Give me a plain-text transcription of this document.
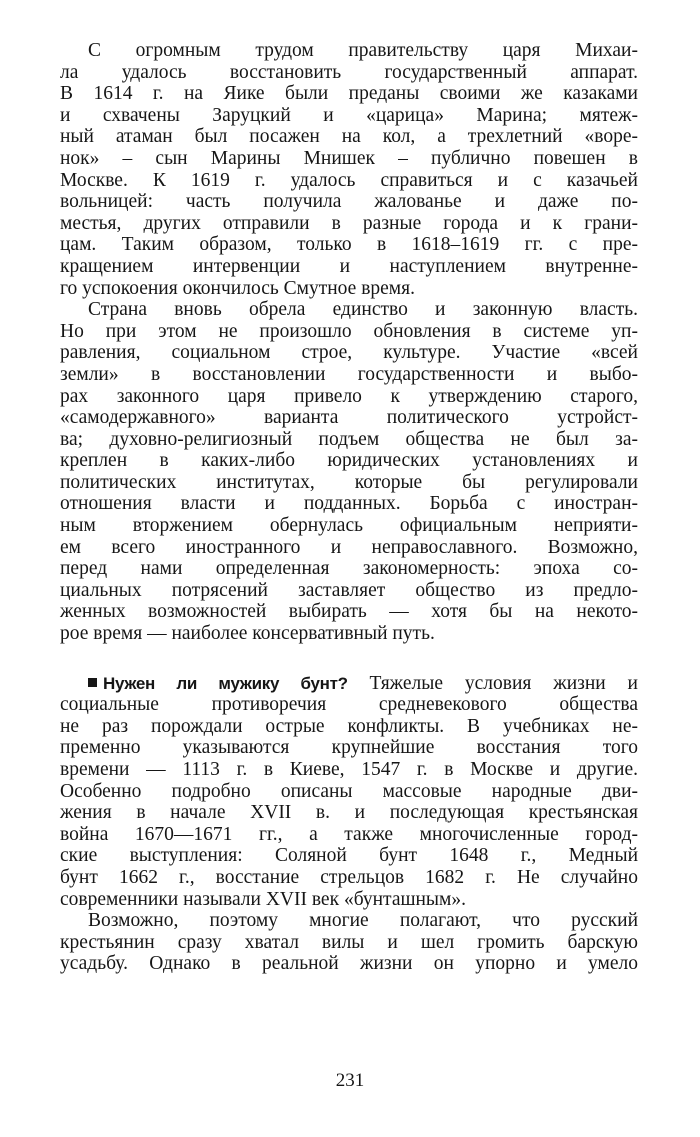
С огромным трудом правительству царя Михаи-
ла удалось восстановить государственный аппарат.
В 1614 г. на Яике были преданы своими же казаками
и схвачены Заруцкий и «царица» Марина; мятеж-
ный атаман был посажен на кол, а трехлетний «воре-
нок» – сын Марины Мнишек – публично повешен в
Москве. К 1619 г. удалось справиться и с казачьей
вольницей: часть получила жалованье и даже по-
местья, других отправили в разные города и к грани-
цам. Таким образом, только в 1618–1619 гг. с пре-
кращением интервенции и наступлением внутренне-
го успокоения окончилось Смутное время.
Страна вновь обрела единство и законную власть.
Но при этом не произошло обновления в системе уп-
равления, социальном строе, культуре. Участие «всей
земли» в восстановлении государственности и выбо-
рах законного царя привело к утверждению старого,
«самодержавного» варианта политического устройст-
ва; духовно-религиозный подъем общества не был за-
креплен в каких-либо юридических установлениях и
политических институтах, которые бы регулировали
отношения власти и подданных. Борьба с иностран-
ным вторжением обернулась официальным неприяти-
ем всего иностранного и неправославного. Возможно,
перед нами определенная закономерность: эпоха со-
циальных потрясений заставляет общество из предло-
женных возможностей выбирать — хотя бы на некото-
рое время — наиболее консервативный путь.
Нужен ли мужику бунт? Тяжелые условия жизни и
социальные противоречия средневекового общества
не раз порождали острые конфликты. В учебниках не-
пременно указываются крупнейшие восстания того
времени — 1113 г. в Киеве, 1547 г. в Москве и другие.
Особенно подробно описаны массовые народные дви-
жения в начале XVII в. и последующая крестьянская
война 1670—1671 гг., а также многочисленные город-
ские выступления: Соляной бунт 1648 г., Медный
бунт 1662 г., восстание стрельцов 1682 г. Не случайно
современники называли XVII век «бунташным».
Возможно, поэтому многие полагают, что русский
крестьянин сразу хватал вилы и шел громить барскую
усадьбу. Однако в реальной жизни он упорно и умело
231
